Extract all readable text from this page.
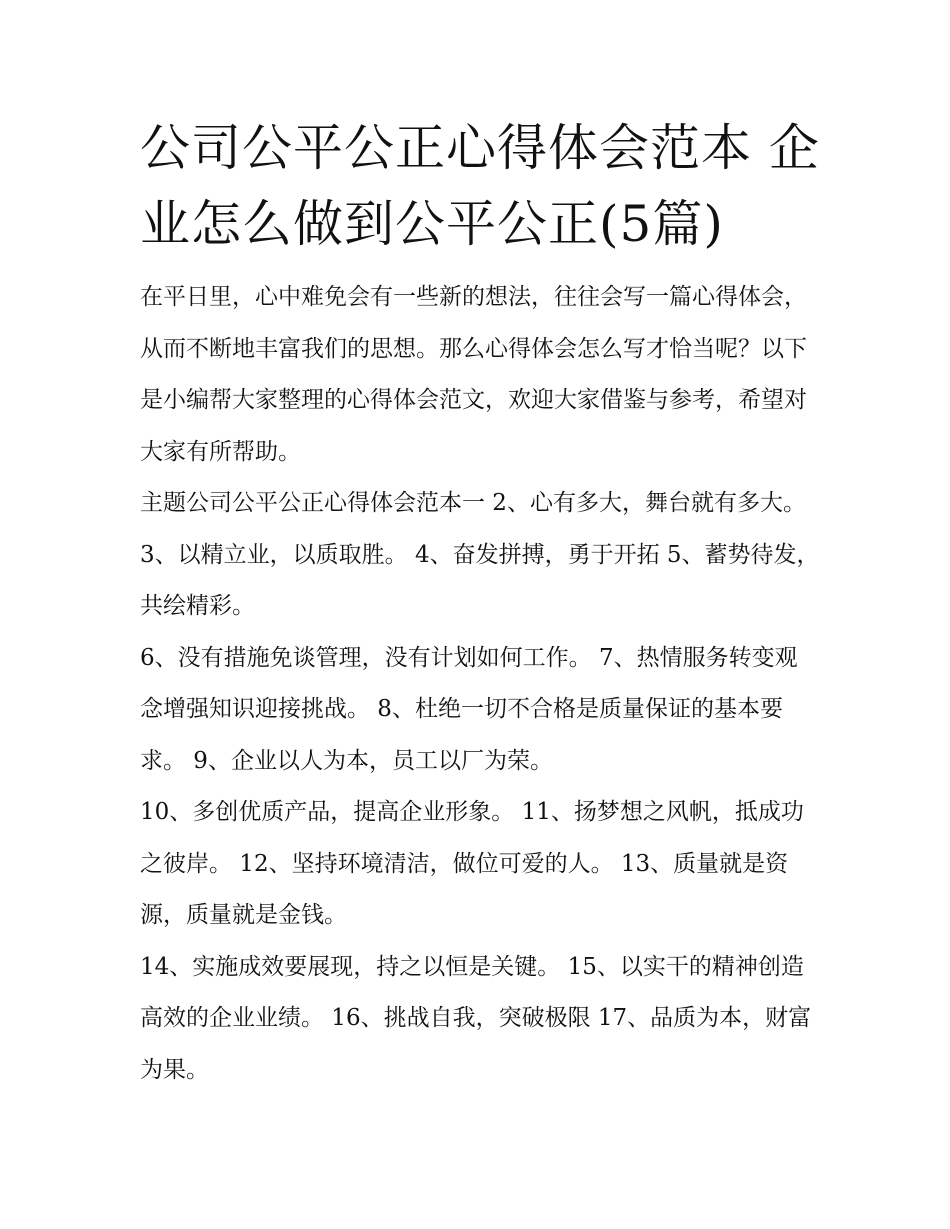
公司公平公正心得体会范本 企业怎么做到公平公正(5篇)

在平日里，心中难免会有一些新的想法，往往会写一篇心得体会，从而不断地丰富我们的思想。那么心得体会怎么写才恰当呢？以下是小编帮大家整理的心得体会范文，欢迎大家借鉴与参考，希望对大家有所帮助。

主题公司公平公正心得体会范本一 2、心有多大，舞台就有多大。 3、以精立业，以质取胜。 4、奋发拼搏，勇于开拓 5、蓄势待发，共绘精彩。

6、没有措施免谈管理，没有计划如何工作。 7、热情服务转变观念增强知识迎接挑战。 8、杜绝一切不合格是质量保证的基本要求。 9、企业以人为本，员工以厂为荣。

10、多创优质产品，提高企业形象。 11、扬梦想之风帆，抵成功之彼岸。 12、坚持环境清洁，做位可爱的人。 13、质量就是资源，质量就是金钱。

14、实施成效要展现，持之以恒是关键。 15、以实干的精神创造高效的企业业绩。 16、挑战自我，突破极限 17、品质为本，财富为果。
